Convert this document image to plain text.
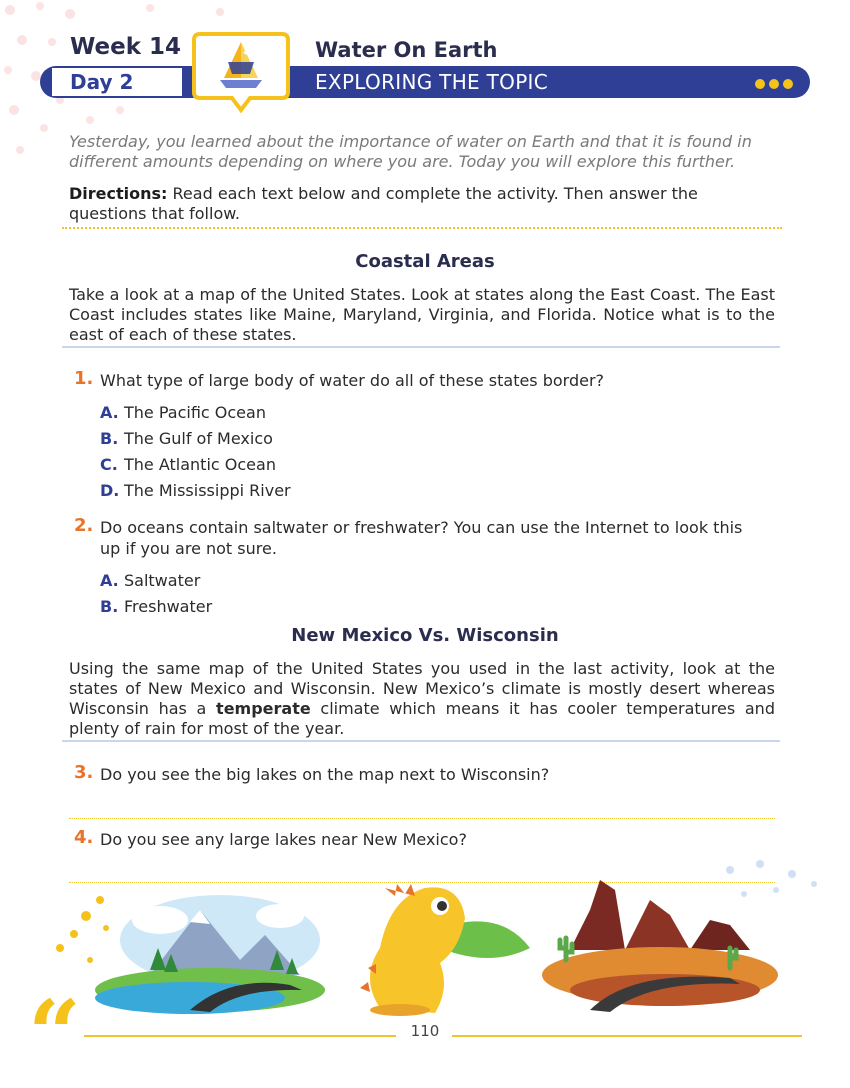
Week 14
Day 2
Water On Earth
EXPLORING THE TOPIC
Yesterday, you learned about the importance of water on Earth and that it is found in different amounts depending on where you are. Today you will explore this further.
Directions: Read each text below and complete the activity. Then answer the questions that follow.
Coastal Areas
Take a look at a map of the United States. Look at states along the East Coast. The East Coast includes states like Maine, Maryland, Virginia, and Florida. Notice what is to the east of each of these states.
1. What type of large body of water do all of these states border?
A. The Pacific Ocean
B. The Gulf of Mexico
C. The Atlantic Ocean
D. The Mississippi River
2. Do oceans contain saltwater or freshwater? You can use the Internet to look this
up if you are not sure.
A. Saltwater
B. Freshwater
New Mexico Vs. Wisconsin
Using the same map of the United States you used in the last activity, look at the states of New Mexico and Wisconsin. New Mexico’s climate is mostly desert whereas Wisconsin has a temperate climate which means it has cooler temperatures and plenty of rain for most of the year.
3. Do you see the big lakes on the map next to Wisconsin?
4. Do you see any large lakes near New Mexico?
“	110
